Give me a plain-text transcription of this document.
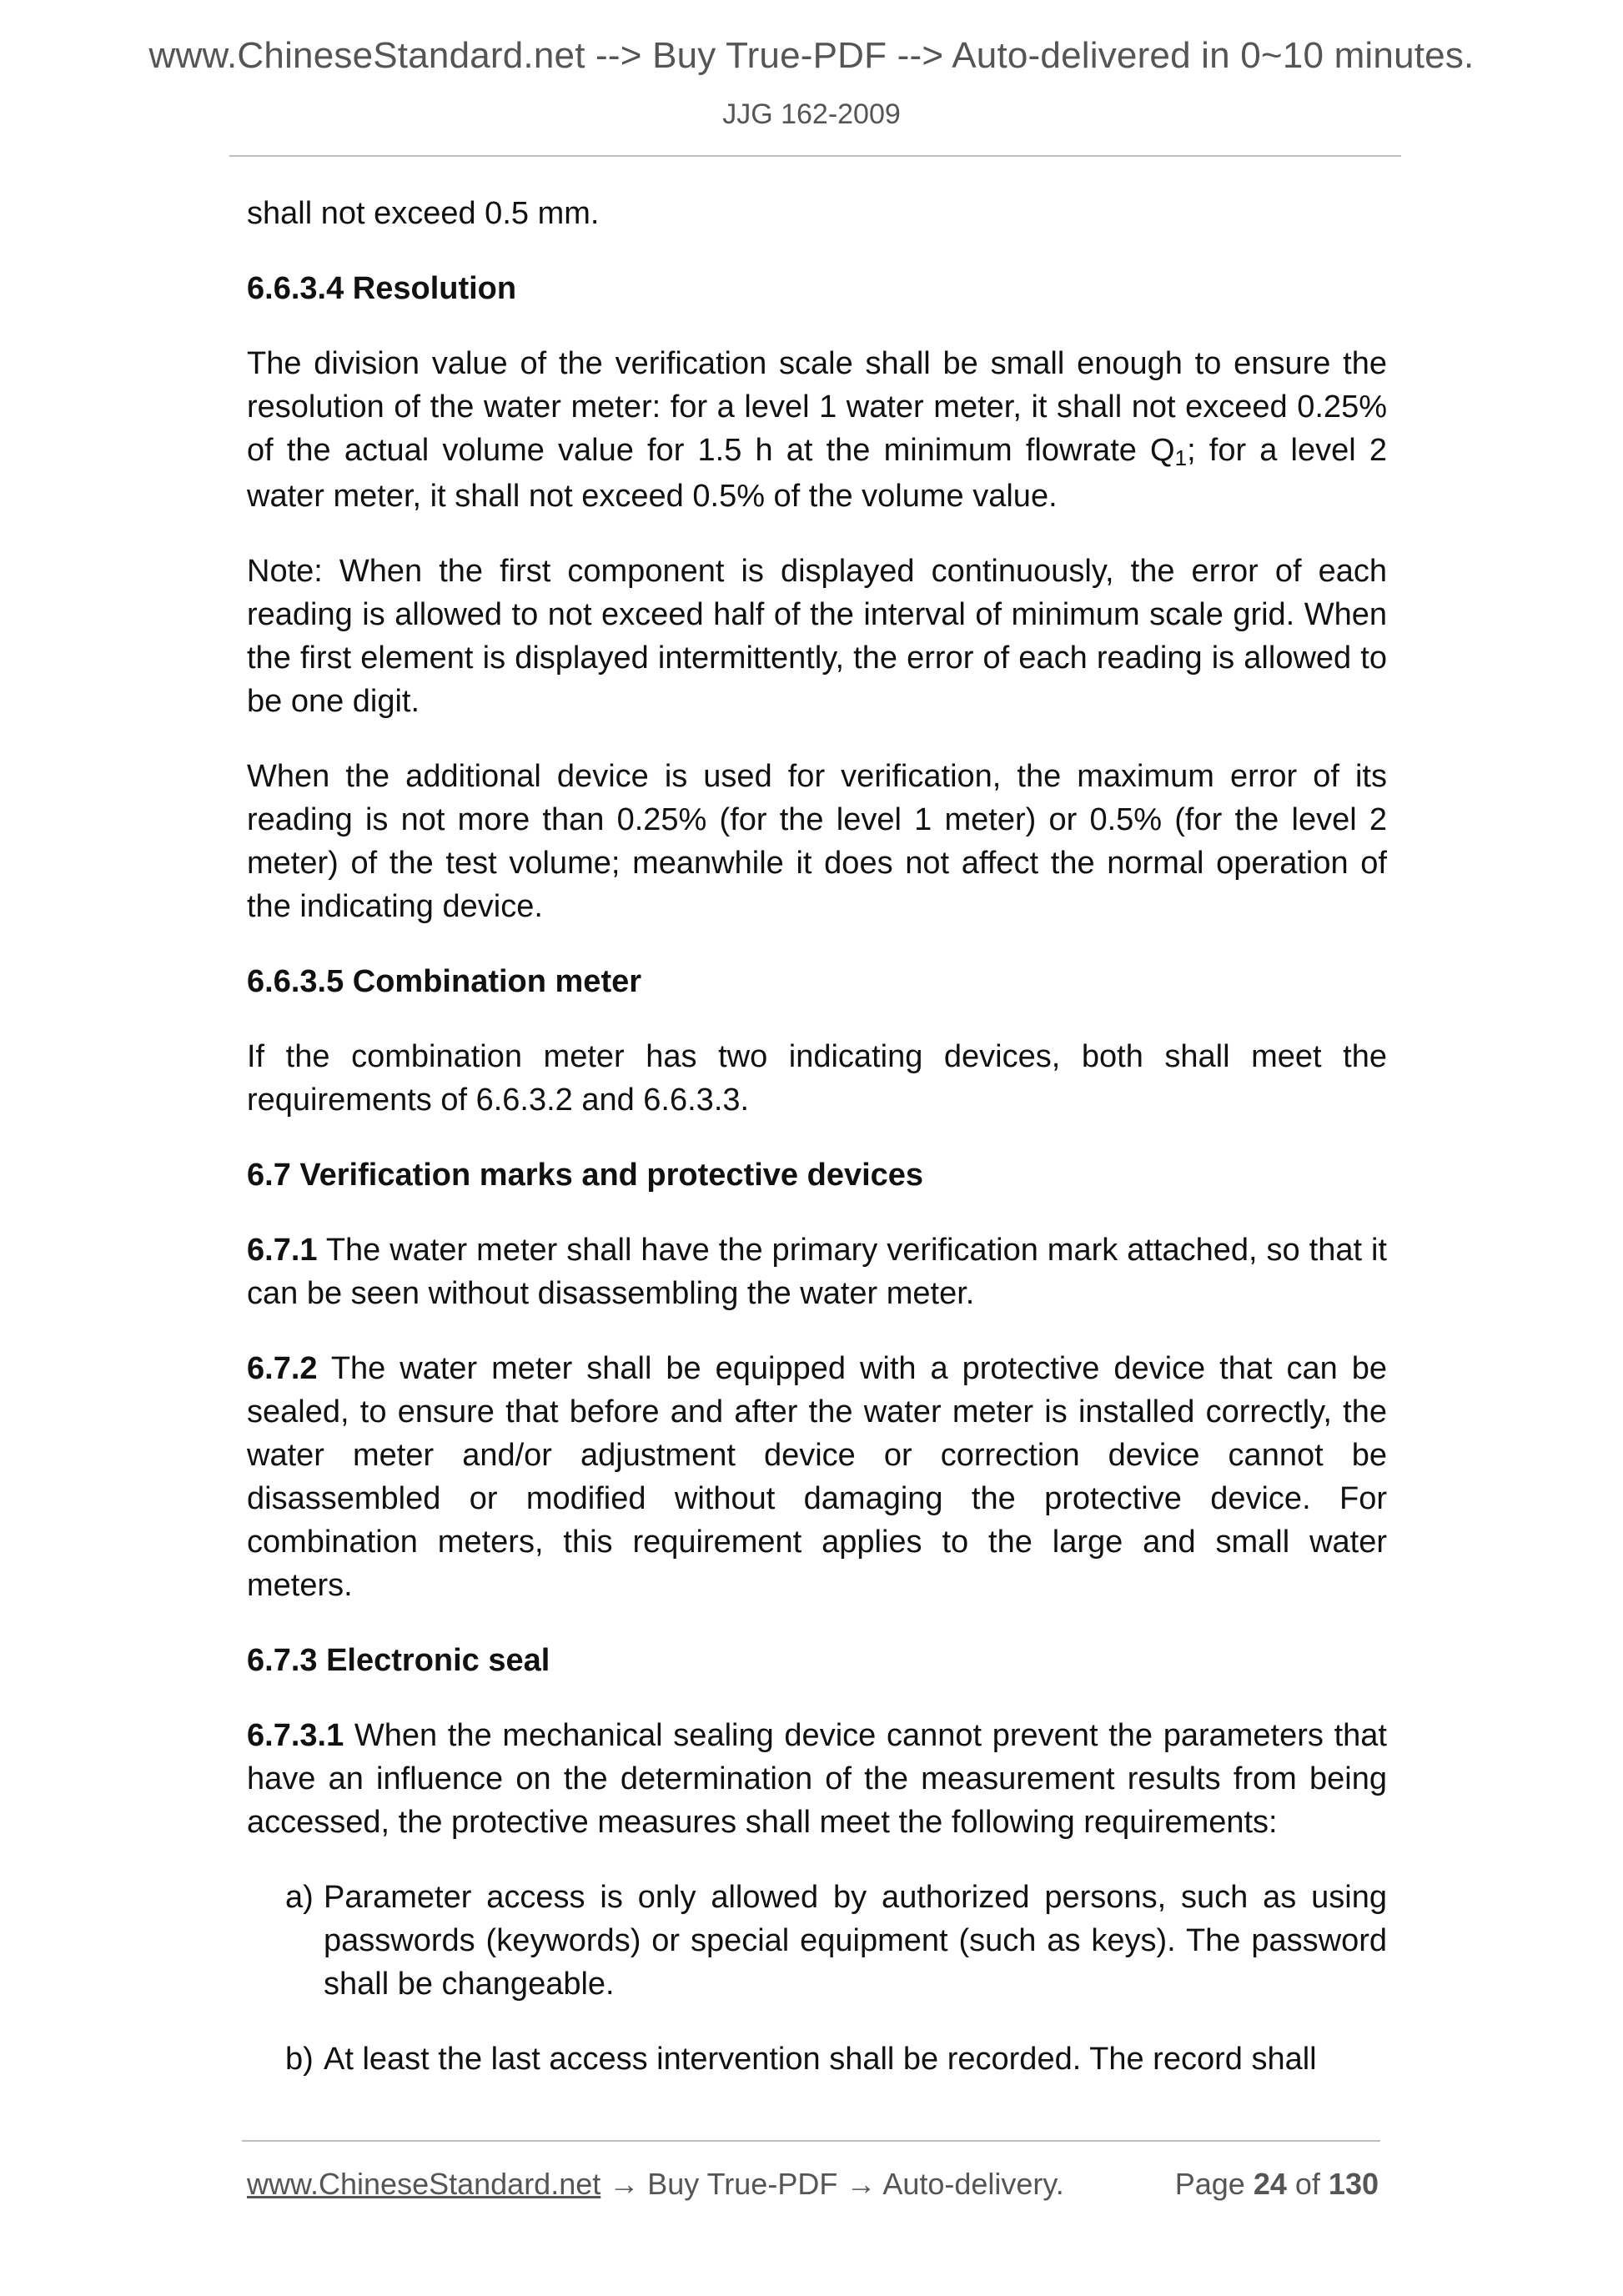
www.ChineseStandard.net --> Buy True-PDF --> Auto-delivered in 0~10 minutes.
JJG 162-2009

shall not exceed 0.5 mm.

6.6.3.4 Resolution

The division value of the verification scale shall be small enough to ensure the resolution of the water meter: for a level 1 water meter, it shall not exceed 0.25% of the actual volume value for 1.5 h at the minimum flowrate Q1; for a level 2 water meter, it shall not exceed 0.5% of the volume value.

Note: When the first component is displayed continuously, the error of each reading is allowed to not exceed half of the interval of minimum scale grid. When the first element is displayed intermittently, the error of each reading is allowed to be one digit.

When the additional device is used for verification, the maximum error of its reading is not more than 0.25% (for the level 1 meter) or 0.5% (for the level 2 meter) of the test volume; meanwhile it does not affect the normal operation of the indicating device.

6.6.3.5 Combination meter

If the combination meter has two indicating devices, both shall meet the requirements of 6.6.3.2 and 6.6.3.3.

6.7 Verification marks and protective devices

6.7.1 The water meter shall have the primary verification mark attached, so that it can be seen without disassembling the water meter.

6.7.2 The water meter shall be equipped with a protective device that can be sealed, to ensure that before and after the water meter is installed correctly, the water meter and/or adjustment device or correction device cannot be disassembled or modified without damaging the protective device. For combination meters, this requirement applies to the large and small water meters.

6.7.3 Electronic seal

6.7.3.1 When the mechanical sealing device cannot prevent the parameters that have an influence on the determination of the measurement results from being accessed, the protective measures shall meet the following requirements:

a) Parameter access is only allowed by authorized persons, such as using passwords (keywords) or special equipment (such as keys). The password shall be changeable.
b) At least the last access intervention shall be recorded. The record shall
www.ChineseStandard.net → Buy True-PDF → Auto-delivery.	Page 24 of 130
